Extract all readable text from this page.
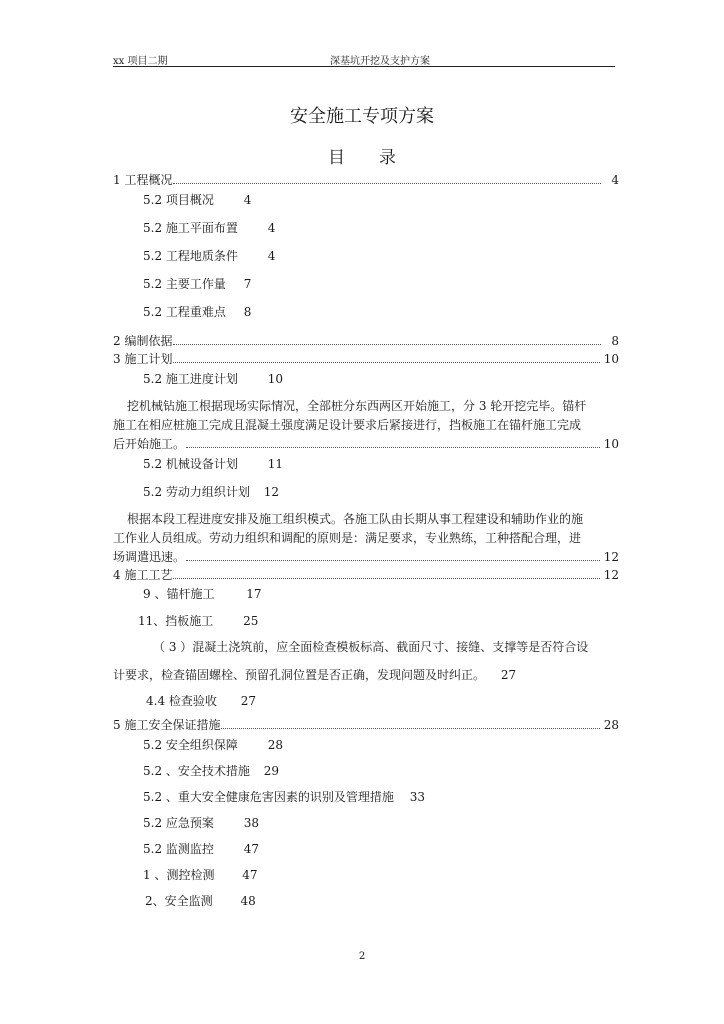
xx 项目二期	深基坑开挖及支护方案
安全施工专项方案
目　　录
1 工程概况	4
5.2 项目概况 4
5.2 施工平面布置 4
5.2 工程地质条件 4
5.2 主要工作量 7
5.2 工程重难点 8
2 编制依据	8
3 施工计划	10
5.2 施工进度计划 10
挖机械钻施工根据现场实际情况，全部桩分东西两区开始施工，分 3 轮开挖完毕。锚杆
施工在相应桩施工完成且混凝土强度满足设计要求后紧接进行，挡板施工在锚杆施工完成
后开始施工。	10
5.2 机械设备计划 11
5.2 劳动力组织计划 12
根据本段工程进度安排及施工组织模式。各施工队由长期从事工程建设和辅助作业的施
工作业人员组成。劳动力组织和调配的原则是：满足要求，专业熟练，工种搭配合理，进
场调遣迅速。	12
4 施工工艺	12
9 、锚杆施工	17
11、挡板施工 25
（ 3 ）混凝土浇筑前，应全面检查模板标高、截面尺寸、接缝、支撑等是否符合设
计要求，检查锚固螺栓、预留孔洞位置是否正确，发现问题及时纠正。 27
4.4 检查验收 27
5 施工安全保证措施	28
5.2 安全组织保障 28
5.2 、安全技术措施 29
5.2 、重大安全健康危害因素的识别及管理措施 33
5.2 应急预案 38
5.2 监测监控 47
1 、测控检测 47
2、安全监测 48
2
